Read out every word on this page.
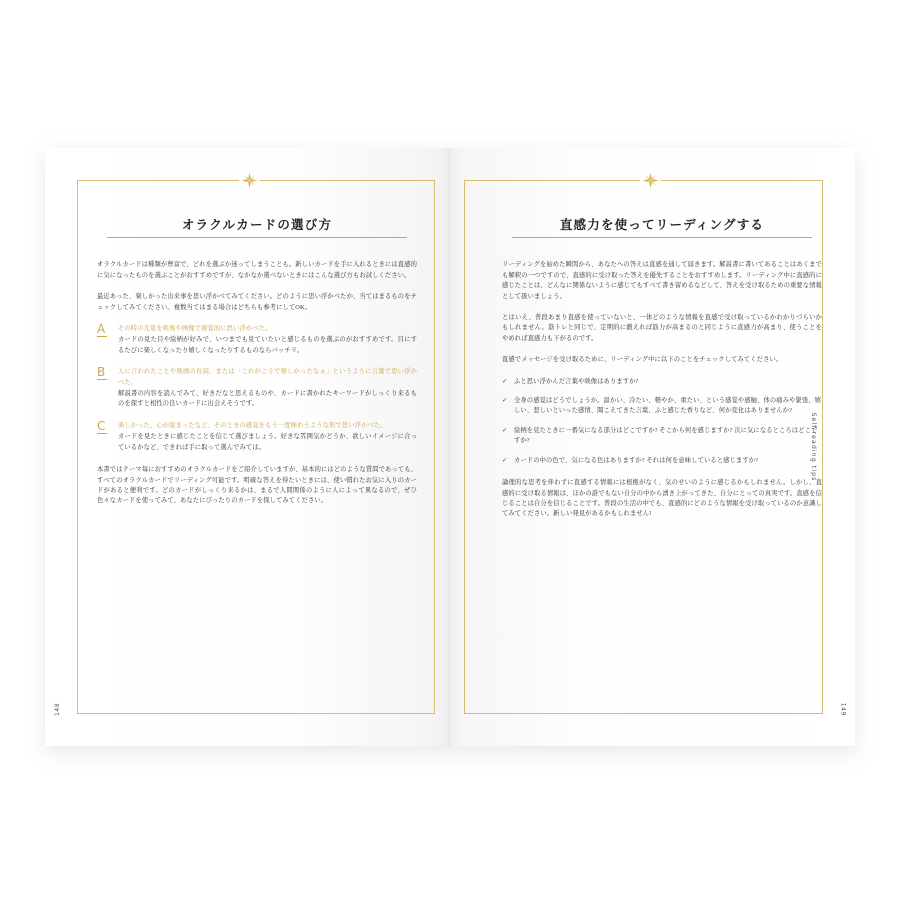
オラクルカードの選び方

オラクルカードは種類が豊富で、どれを選ぶか迷ってしまうことも。新しいカードを手に入れるときには直感的に気になったものを選ぶことがおすすめですが、なかなか選べないときにはこんな選び方もお試しください。

最近あった、楽しかった出来事を思い浮かべてみてください。どのように思い浮かべたか、当てはまるものをチェックしてみてください。複数当てはまる場合はどちらも参考にしてOK。

A	その時の光景を映像や画像で視覚的に思い浮かべた。

カードの見た目や絵柄が好みで、いつまでも見ていたいと感じるものを選ぶのがおすすめです。目にするたびに楽しくなったり嬉しくなったりするものならバッチリ。

B	人に言われたことや映画の台詞、または「これがこうで楽しかったなぁ」というように言葉で思い浮かべた。

解説書の内容を読んでみて、好きだなと思えるものや、カードに書かれたキーワードがしっくり来るものを探すと相性の良いカードに出会えそうです。

C	楽しかった、心が温まったなど、そのときの感覚をもう一度味わうような形で思い浮かべた。

カードを見たときに感じたことを信じて選びましょう。好きな雰囲気かどうか、欲しいイメージに合っているかなど、できれば手に取って選んでみては。

本書ではテーマ毎におすすめのオラクルカードをご紹介していますが、基本的にはどのような質問であっても、すべてのオラクルカードでリーディング可能です。明確な答えを得たいときには、使い慣れたお気に入りのカードがあると便利です。どのカードがしっくり来るかは、まるで人間関係のように人によって異なるので、ぜひ色々なカードを使ってみて、あなたにぴったりのカードを探してみてください。

148
直感力を使ってリーディングする

リーディングを始めた瞬間から、あなたへの答えは直感を通して届きます。解説書に書いてあることはあくまでも解釈の一つですので、直感的に受け取った答えを優先することをおすすめします。リーディング中に直感的に感じたことは、どんなに関係ないように感じてもすべて書き留めるなどして、答えを受け取るための重要な情報として扱いましょう。

とはいえ、普段あまり直感を使っていないと、一体どのような情報を直感で受け取っているかわかりづらいかもしれません。筋トレと同じで、定期的に鍛えれば筋力が高まるのと同じように直感力が高まり、使うことをやめれば直感力も下がるのです。

直感でメッセージを受け取るために、リーディング中に以下のことをチェックしてみてください。

✓	ふと思い浮かんだ言葉や映像はありますか?

✓	全身の感覚はどうでしょうか。温かい、冷たい、軽やか、重たい、という感覚や感触、体の痛みや緊張、嬉しい、悲しいといった感情、聞こえてきた言葉、ふと感じた香りなど、何か変化はありませんか?

✓	絵柄を見たときに一番気になる部分はどこですか? そこから何を感じますか? 次に気になるところはどこですか?

✓	カードの中の色で、気になる色はありますか? それは何を意味していると感じますか?

論理的な思考を伴わずに直感する情報には根拠がなく、気のせいのように感じるかもしれません。しかし、直感的に受け取る情報は、ほかの誰でもない自分の中から湧き上がってきた、自分にとっての真実です。直感を信じることは自分を信じることです。普段の生活の中でも、直感的にどのような情報を受け取っているのか意識してみてください。新しい発見があるかもしれません!

Self-reading tips
149
